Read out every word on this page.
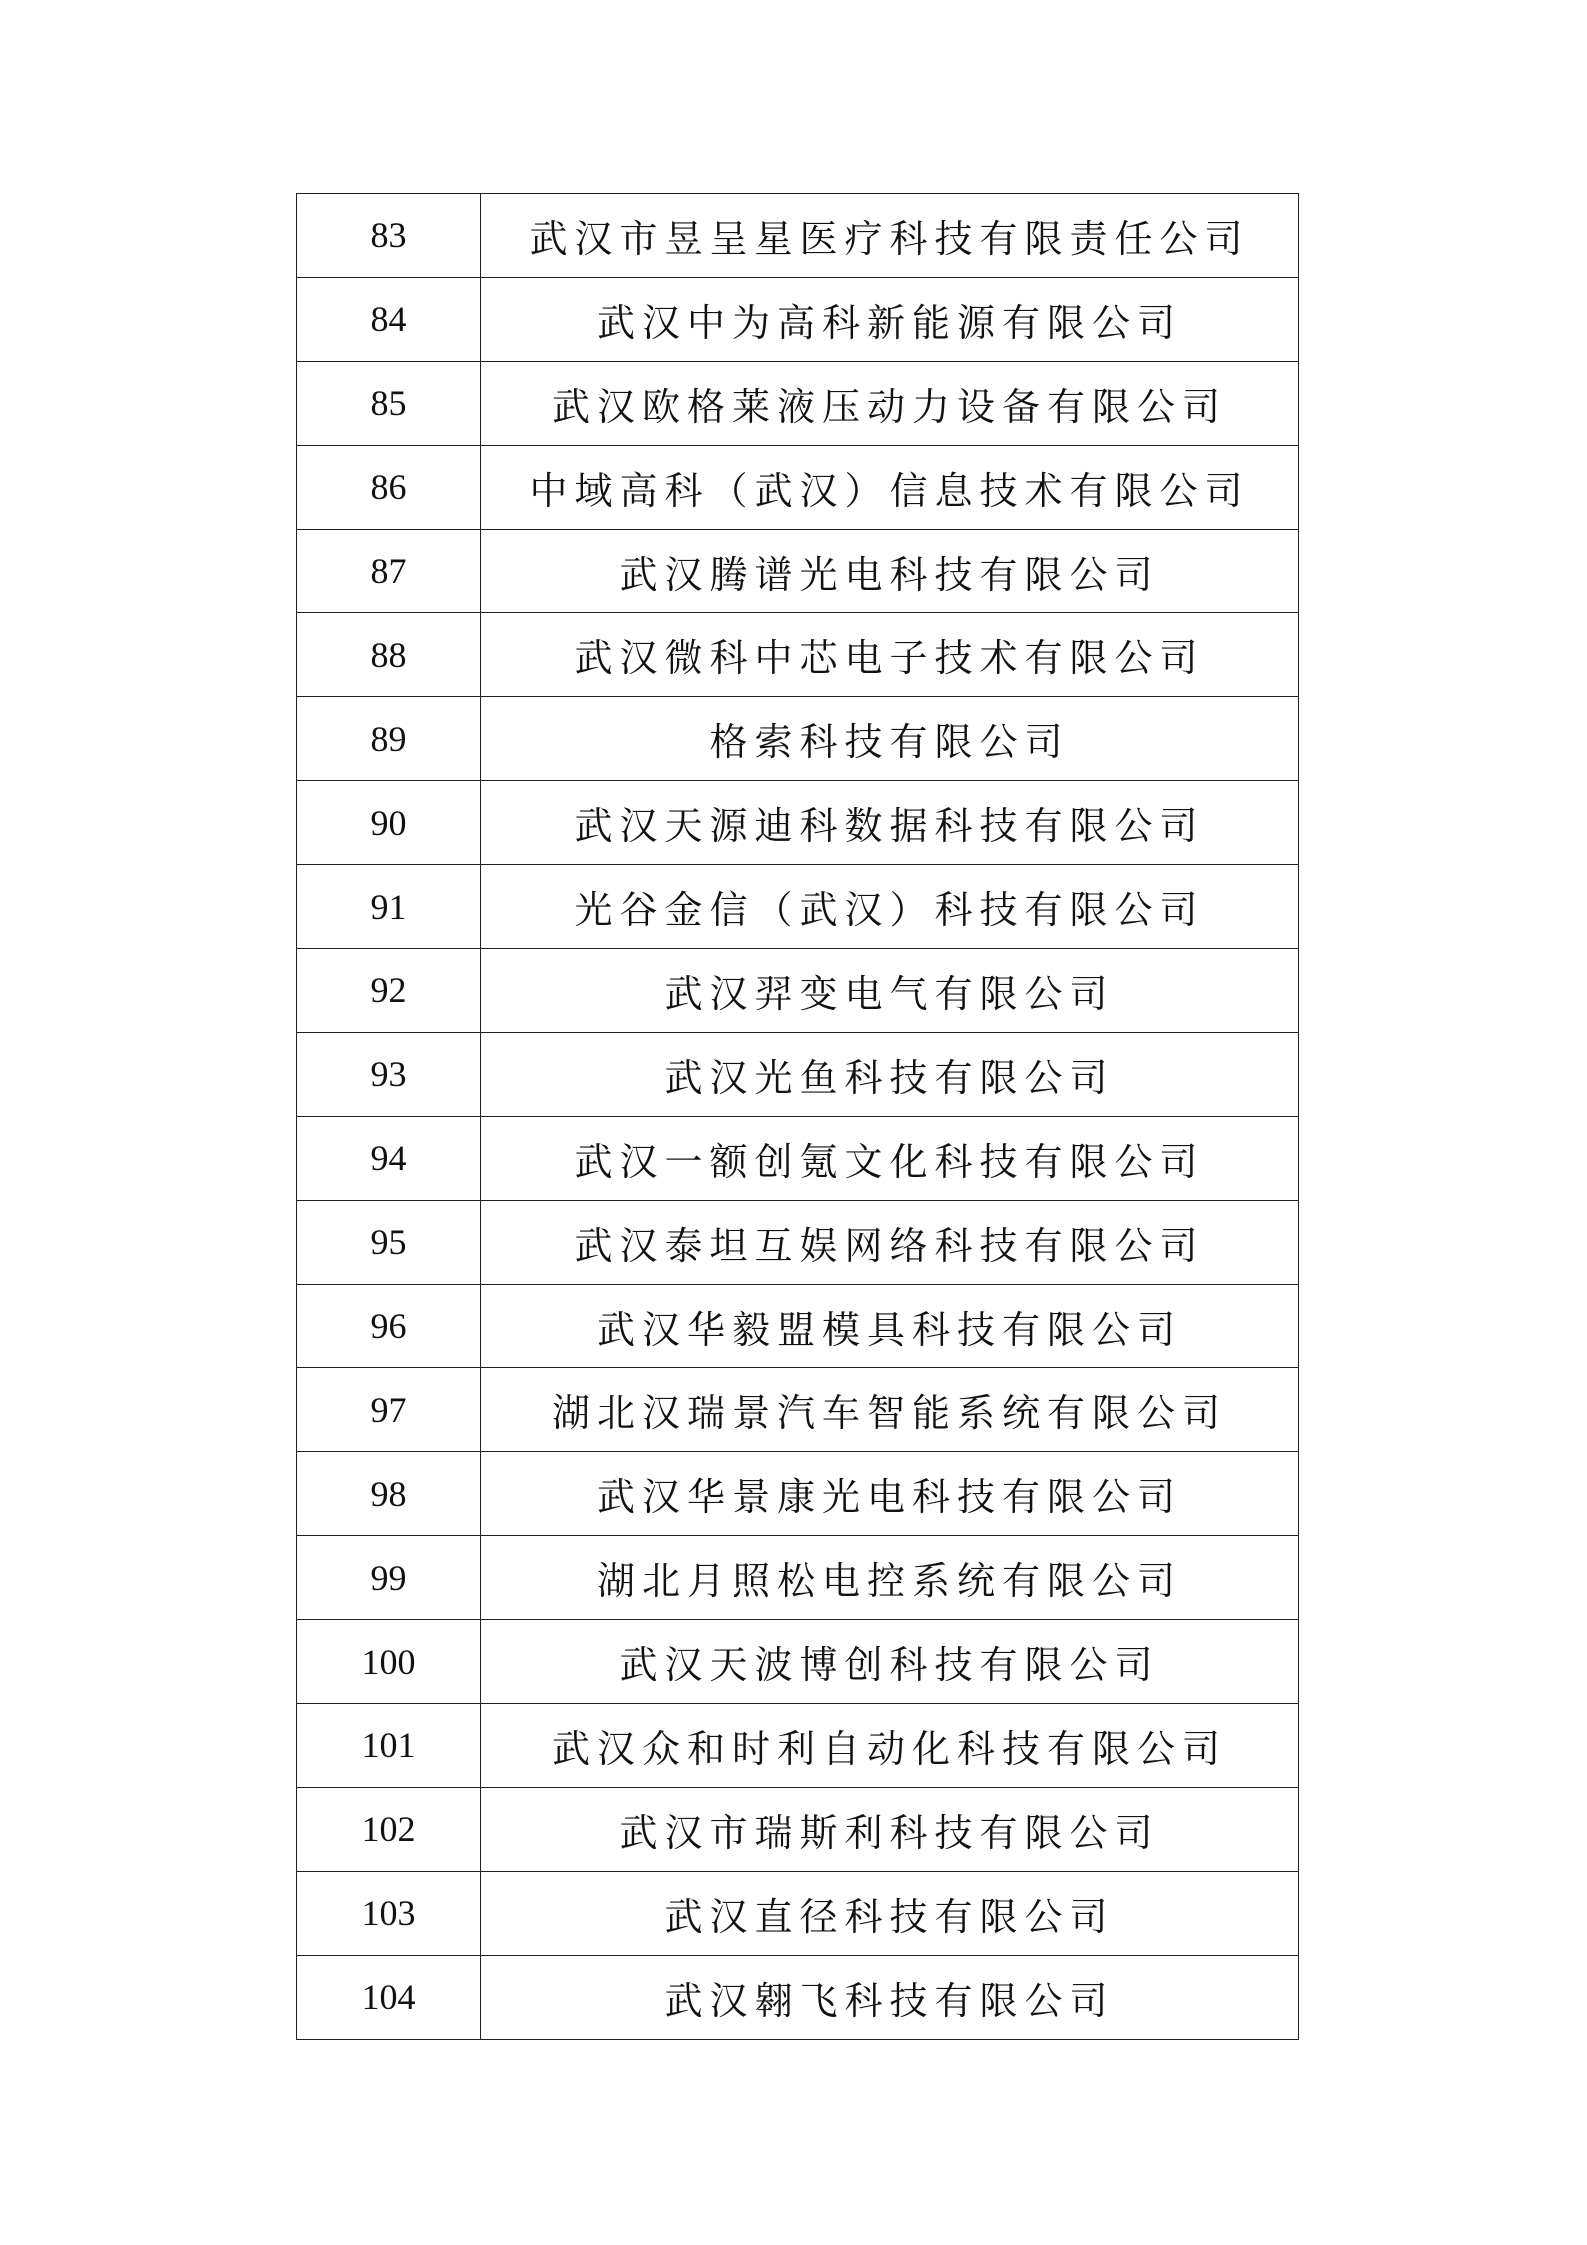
83	武汉市昱呈星医疗科技有限责任公司
84	武汉中为高科新能源有限公司
85	武汉欧格莱液压动力设备有限公司
86	中域高科（武汉）信息技术有限公司
87	武汉腾谱光电科技有限公司
88	武汉微科中芯电子技术有限公司
89	格索科技有限公司
90	武汉天源迪科数据科技有限公司
91	光谷金信（武汉）科技有限公司
92	武汉羿变电气有限公司
93	武汉光鱼科技有限公司
94	武汉一额创氪文化科技有限公司
95	武汉泰坦互娱网络科技有限公司
96	武汉华毅盟模具科技有限公司
97	湖北汉瑞景汽车智能系统有限公司
98	武汉华景康光电科技有限公司
99	湖北月照松电控系统有限公司
100	武汉天波博创科技有限公司
101	武汉众和时利自动化科技有限公司
102	武汉市瑞斯利科技有限公司
103	武汉直径科技有限公司
104	武汉翱飞科技有限公司
